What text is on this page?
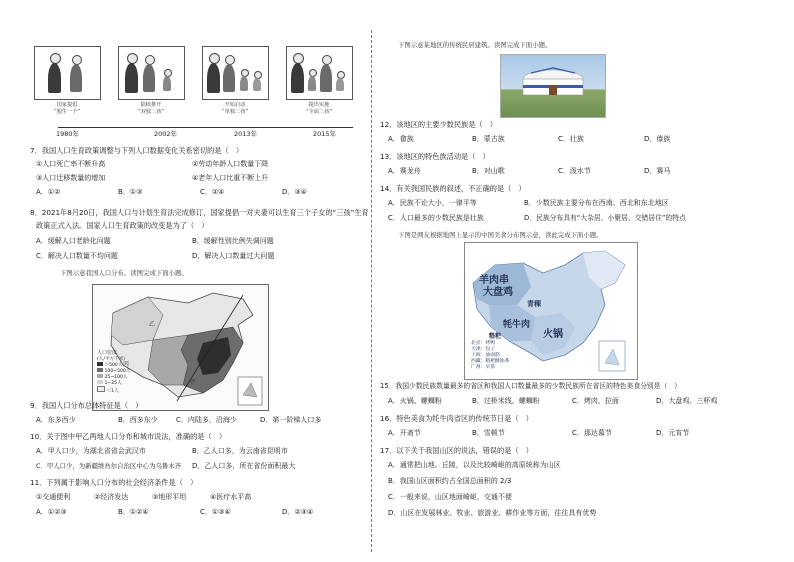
国家提倡
“独生一个”
陆续推开
“双独二孩”
开始启动
“单独二孩”
提出实施
“全面二孩”
1980年	2002年	2013年	2015年
7．我国人口生育政策调整与下列人口数据变化关系密切的是（　）
①人口死亡率不断升高	②劳动年龄人口数量下降
③人口迁移数量的增加	④老年人口比重不断上升
A．①②	B．①③	C．②④	D．③④
8．2021年8月20日，我国人口与计划生育法完成修订，国家提倡一对夫妻可以生育三个子女的“三孩”生育
政策正式入法。国家人口生育政策的改变是为了（　）
A．缓解人口老龄化问题	B．缓解性别比例失调问题
C．解决人口数量不均问题	D．解决人口数量过大问题
下图示意我国人口分布。读图完成下面小题。
乙
丙
甲
人口密度
(人/平方千米)
＞500人
100~500人
25~100人
1~25人
＜1人
9．我国人口分布总体特征是（　）
A．东多西少	B．西多东少	C．内陆多，沿海少	D．第一阶梯人口多
10．关于图中甲乙两地人口分布和城市说法，准确的是（　）
A．甲人口少，为湖北省省会武汉市	B．乙人口多，为云南省昆明市
C．甲人口少，为新疆维吾尔自治区中心为乌鲁木齐 D．乙人口多，所在省份面积最大
11．下列属于影响人口分布的社会经济条件是（　）
①交通便利	②经济发达	③地形平坦	④医疗水平高
A．①②③	B．①②④	C．①③④	D．②③④
下图示意某地区的传统民居建筑。读图完成下面小题。
12．该地区的主要少数民族是（　）
A．畲族	B．蒙古族	C．壮族	D．傣族
13．该地区的特色族活动是（　）
A．赛龙舟	B．对山歌	C．泼水节	D．赛马
14．有关我国民族的叙述，不正确的是（　）
A．民族不论大小，一律平等	B．少数民族主要分布在西南、西北和东北地区
C．人口最多的少数民族是壮族	D．民族分布具有“大杂居、小聚居、交错居住”的特点
下图是网友根据地图上显示的中国美食分布图示意，读此完成下面小题。
羊肉串
大盘鸡
青稞
牦牛肉
火锅
糌粑
北京：烤鸭
天津：包子
上海：油面筋
西藏：糌粑酥油茶
广州：早茶
15．我国少数民族数量最多的省区和我国人口数量最多的少数民族所在省区的特色美食分别是（　）
A．火锅、螺蛳粉	B．过桥米线、螺蛳粉	C．烤肉、拉面	D．大盘鸡、三杯鸡
16．特色美食为牦牛肉省区的传统节日是（　）
A．开斋节	B．雪顿节	C．那达慕节	D．元宵节
17．以下关于我国山区的说法，错误的是（　）
A．通常把山地、丘陵，以及比较崎岖的高原统称为山区
B．我国山区面积约占全国总面积的 2/3
C．一般来说，山区地面崎岖，交通不便
D．山区在发展林业、牧业、旅游业、耕作业等方面，往往具有优势
